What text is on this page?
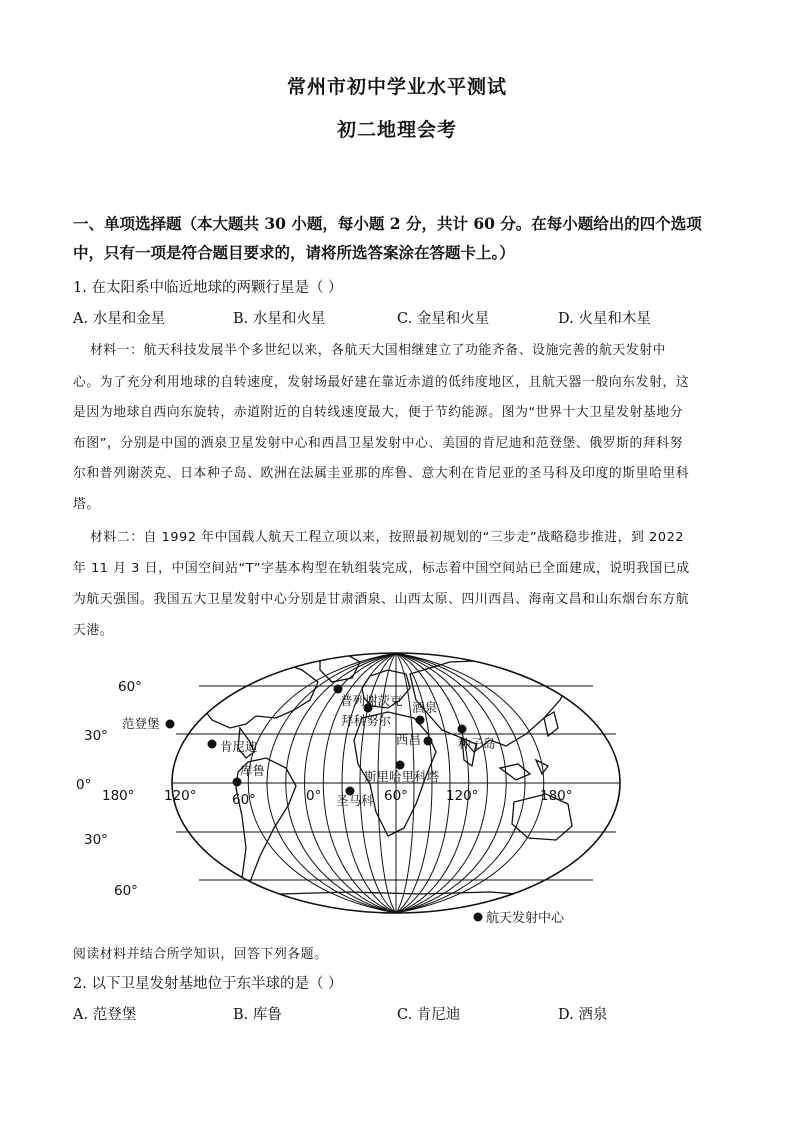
常州市初中学业水平测试
初二地理会考
一、单项选择题（本大题共 30 小题，每小题 2 分，共计 60 分。在每小题给出的四个选项
中，只有一项是符合题目要求的，请将所选答案涂在答题卡上。）
1. 在太阳系中临近地球的两颗行星是（ ）
A. 水星和金星	B. 水星和火星	C. 金星和火星	D. 火星和木星
材料一：航天科技发展半个多世纪以来，各航天大国相继建立了功能齐备、设施完善的航天发射中
心。为了充分利用地球的自转速度，发射场最好建在靠近赤道的低纬度地区，且航天器一般向东发射，这
是因为地球自西向东旋转，赤道附近的自转线速度最大，便于节约能源。图为“世界十大卫星发射基地分
布图”，分别是中国的酒泉卫星发射中心和西昌卫星发射中心、美国的肯尼迪和范登堡、俄罗斯的拜科努
尔和普列谢茨克、日本种子岛、欧洲在法属圭亚那的库鲁、意大利在肯尼亚的圣马科及印度的斯里哈里科
塔。
材料二：自 1992 年中国载人航天工程立项以来，按照最初规划的“三步走”战略稳步推进，到 2022
年 11 月 3 日，中国空间站“T”字基本构型在轨组装完成，标志着中国空间站已全面建成，说明我国已成
为航天强国。我国五大卫星发射中心分别是甘肃酒泉、山西太原、四川西昌、海南文昌和山东烟台东方航
天港。
60°
30°
0°
30°
60°
180° 120°	60°	0°	60°	120°	180°
普列谢茨克
拜科努尔
酒泉
范登堡
肯尼迪	西昌	种子岛
库鲁	斯里哈里科塔
圣马科
航天发射中心
阅读材料并结合所学知识，回答下列各题。
2. 以下卫星发射基地位于东半球的是（ ）
A. 范登堡	B. 库鲁	C. 肯尼迪	D. 酒泉
